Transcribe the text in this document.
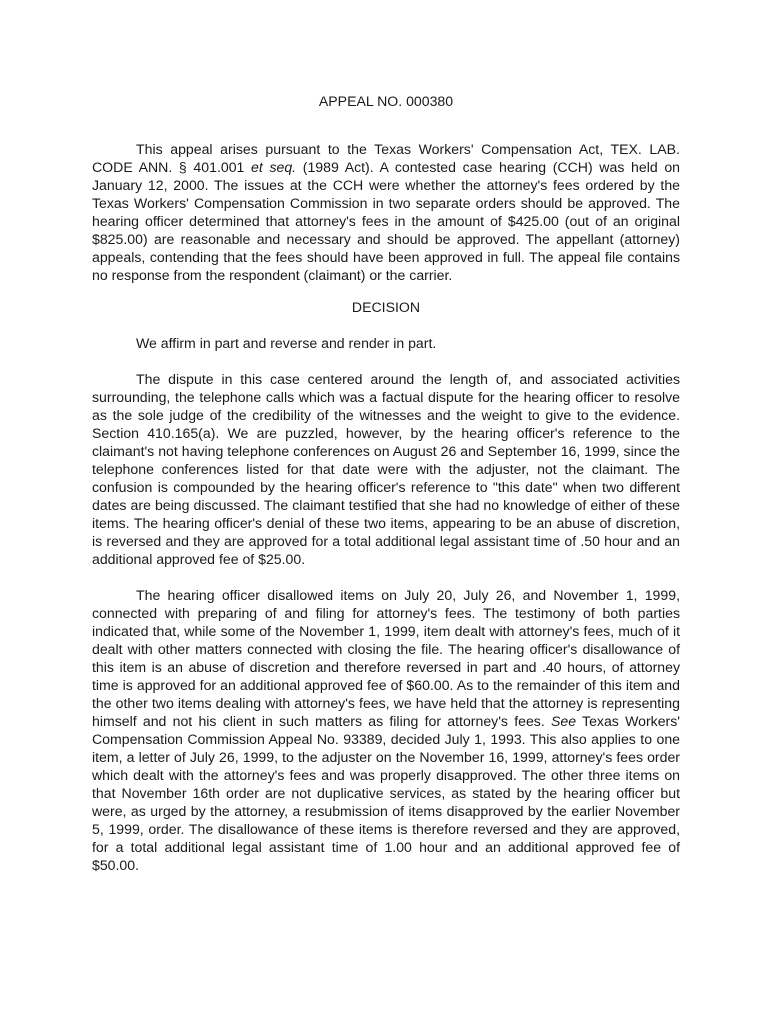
APPEAL NO. 000380

This appeal arises pursuant to the Texas Workers' Compensation Act, TEX. LAB. CODE ANN. § 401.001 et seq. (1989 Act). A contested case hearing (CCH) was held on January 12, 2000. The issues at the CCH were whether the attorney's fees ordered by the Texas Workers' Compensation Commission in two separate orders should be approved. The hearing officer determined that attorney's fees in the amount of $425.00 (out of an original $825.00) are reasonable and necessary and should be approved. The appellant (attorney) appeals, contending that the fees should have been approved in full. The appeal file contains no response from the respondent (claimant) or the carrier.

DECISION

We affirm in part and reverse and render in part.

The dispute in this case centered around the length of, and associated activities surrounding, the telephone calls which was a factual dispute for the hearing officer to resolve as the sole judge of the credibility of the witnesses and the weight to give to the evidence. Section 410.165(a). We are puzzled, however, by the hearing officer's reference to the claimant's not having telephone conferences on August 26 and September 16, 1999, since the telephone conferences listed for that date were with the adjuster, not the claimant. The confusion is compounded by the hearing officer's reference to "this date" when two different dates are being discussed. The claimant testified that she had no knowledge of either of these items. The hearing officer's denial of these two items, appearing to be an abuse of discretion, is reversed and they are approved for a total additional legal assistant time of .50 hour and an additional approved fee of $25.00.

The hearing officer disallowed items on July 20, July 26, and November 1, 1999, connected with preparing of and filing for attorney's fees. The testimony of both parties indicated that, while some of the November 1, 1999, item dealt with attorney's fees, much of it dealt with other matters connected with closing the file. The hearing officer's disallowance of this item is an abuse of discretion and therefore reversed in part and .40 hours, of attorney time is approved for an additional approved fee of $60.00. As to the remainder of this item and the other two items dealing with attorney's fees, we have held that the attorney is representing himself and not his client in such matters as filing for attorney's fees. See Texas Workers' Compensation Commission Appeal No. 93389, decided July 1, 1993. This also applies to one item, a letter of July 26, 1999, to the adjuster on the November 16, 1999, attorney's fees order which dealt with the attorney's fees and was properly disapproved. The other three items on that November 16th order are not duplicative services, as stated by the hearing officer but were, as urged by the attorney, a resubmission of items disapproved by the earlier November 5, 1999, order. The disallowance of these items is therefore reversed and they are approved, for a total additional legal assistant time of 1.00 hour and an additional approved fee of $50.00.
